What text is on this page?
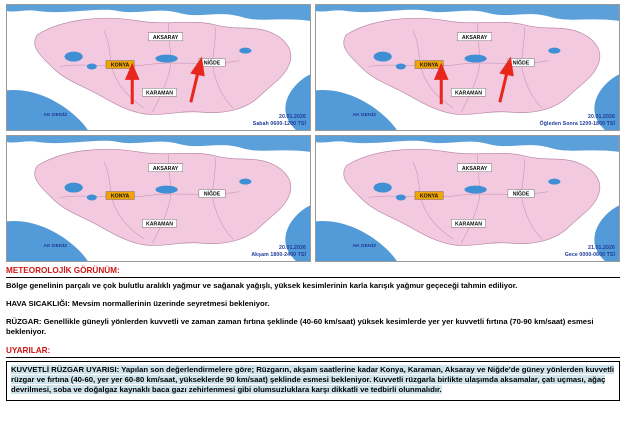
AKSARAY
KONYA	NİĞDE
KARAMAN
AK DENİZ	20.01.2026
Sabah 0600-1200 TSİ
AKSARAY
KONYA	NİĞDE
KARAMAN
AK DENİZ	20.01.2026
Öğleden Sonra 1200-1800 TSİ
AKSARAY
KONYA	NİĞDE
KARAMAN
AK DENİZ	20.01.2026
Akşam 1800-2400 TSİ
AKSARAY
KONYA	NİĞDE
KARAMAN
AK DENİZ	21.01.2026
Gece 0000-0600 TSİ
METEOROLOJİK GÖRÜNÜM:

Bölge genelinin parçalı ve çok bulutlu aralıklı yağmur ve sağanak yağışlı, yüksek kesimlerinin karla karışık yağmur geçeceği tahmin ediliyor.

HAVA SICAKLIĞI: Mevsim normallerinin üzerinde seyretmesi bekleniyor.

RÜZGAR: Genellikle güneyli yönlerden kuvvetli ve zaman zaman fırtına şeklinde (40-60 km/saat) yüksek kesimlerde yer yer kuvvetli fırtına (70-90 km/saat) esmesi bekleniyor.

UYARILAR:

KUVVETLİ RÜZGAR UYARISI: Yapılan son değerlendirmelere göre; Rüzgarın, akşam saatlerine kadar Konya, Karaman, Aksaray ve Niğde'de güney yönlerden kuvvetli rüzgar ve fırtına (40-60, yer yer 60-80 km/saat, yükseklerde 90 km/saat) şeklinde esmesi bekleniyor. Kuvvetli rüzgarla birlikte ulaşımda aksamalar, çatı uçması, ağaç devrilmesi, soba ve doğalgaz kaynaklı baca gazı zehirlenmesi gibi olumsuzluklara karşı dikkatli ve tedbirli olunmalıdır.
